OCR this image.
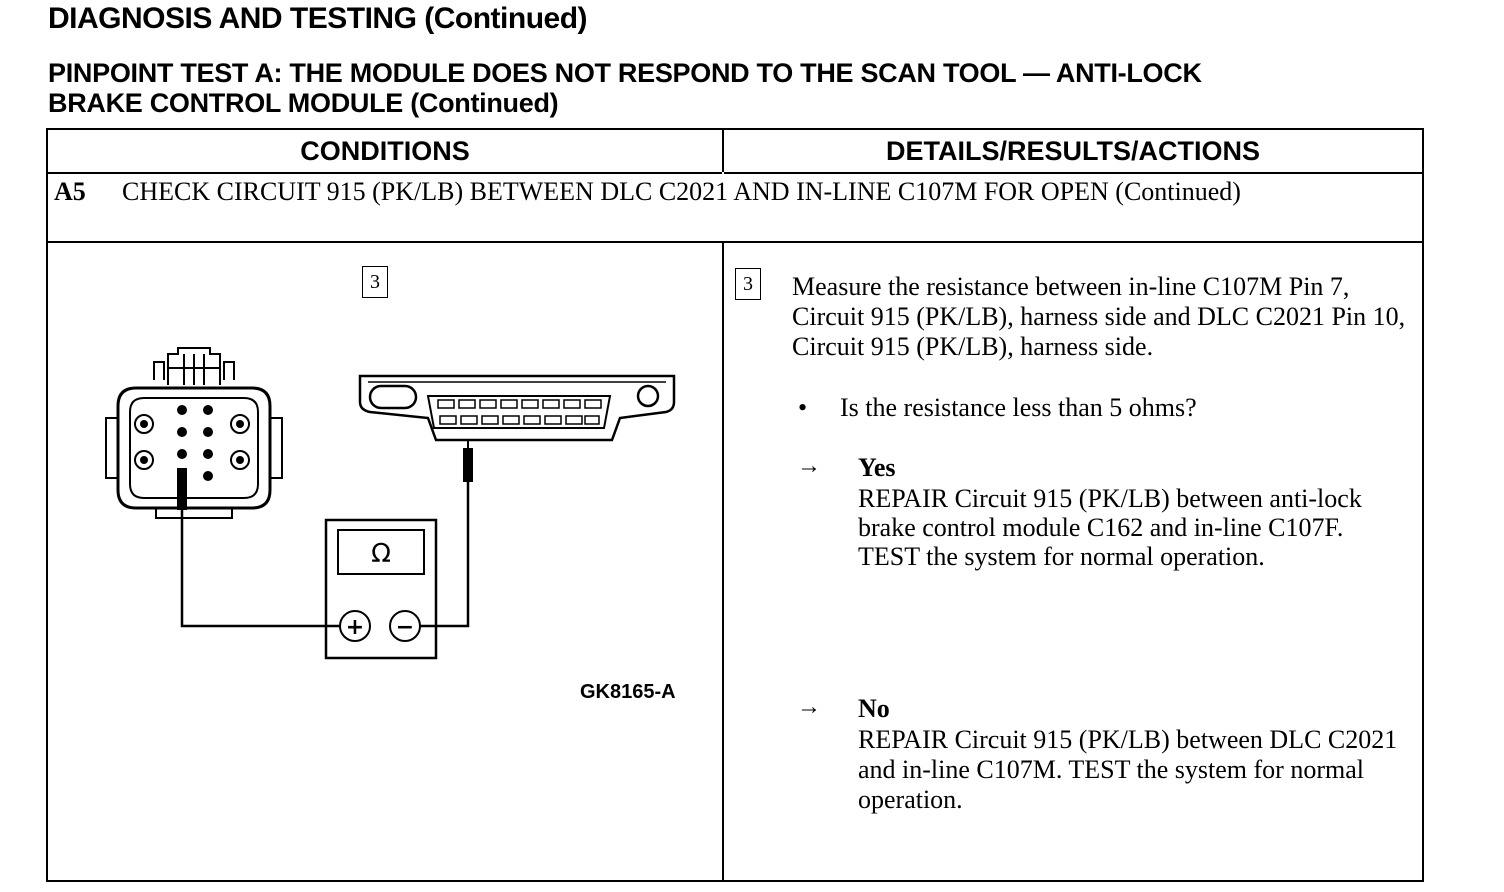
DIAGNOSIS AND TESTING (Continued)
PINPOINT TEST A: THE MODULE DOES NOT RESPOND TO THE SCAN TOOL — ANTI-LOCK
BRAKE CONTROL MODULE (Continued)
CONDITIONS	DETAILS/RESULTS/ACTIONS
A5 CHECK CIRCUIT 915 (PK/LB) BETWEEN DLC C2021 AND IN-LINE C107M FOR OPEN (Continued)
3	3
Ω
+ −
GK8165-A
Measure the resistance between in-line C107M Pin 7, Circuit 915 (PK/LB), harness side and DLC C2021 Pin 10, Circuit 915 (PK/LB), harness side.
• Is the resistance less than 5 ohms?
→ Yes
REPAIR Circuit 915 (PK/LB) between anti-lock brake control module C162 and in-line C107F. TEST the system for normal operation.
→ No
REPAIR Circuit 915 (PK/LB) between DLC C2021 and in-line C107M. TEST the system for normal operation.
